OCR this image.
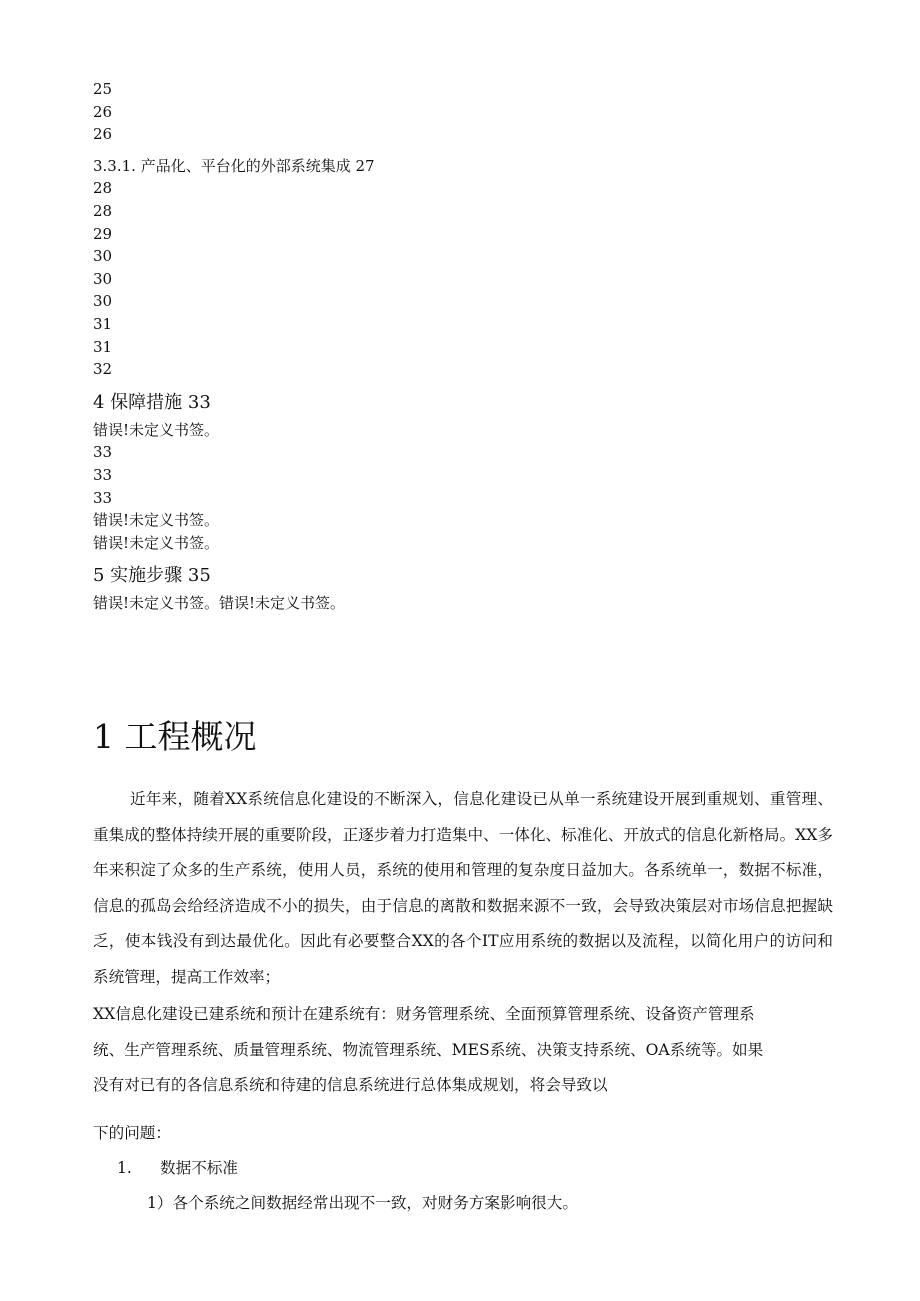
25
26
26
3.3.1. 产品化、平台化的外部系统集成 27
28
28
29
30
30
30
31
31
32
4 保障措施 33
错误!未定义书签。
33
33
33
错误!未定义书签。
错误!未定义书签。
5 实施步骤 35
错误!未定义书签。错误!未定义书签。
1 工程概况
近年来，随着XX系统信息化建设的不断深入，信息化建设已从单一系统建设开展到重规划、重管理、重集成的整体持续开展的重要阶段，正逐步着力打造集中、一体化、标准化、开放式的信息化新格局。XX多年来积淀了众多的生产系统，使用人员，系统的使用和管理的复杂度日益加大。各系统单一，数据不标准，信息的孤岛会给经济造成不小的损失，由于信息的离散和数据来源不一致，会导致决策层对市场信息把握缺乏，使本钱没有到达最优化。因此有必要整合XX的各个IT应用系统的数据以及流程，以简化用户的访问和系统管理，提高工作效率；
XX信息化建设已建系统和预计在建系统有：财务管理系统、全面预算管理系统、设备资产管理系
统、生产管理系统、质量管理系统、物流管理系统、MES系统、决策支持系统、OA系统等。如果
没有对已有的各信息系统和待建的信息系统进行总体集成规划，将会导致以
下的问题：
1. 数据不标准
1）各个系统之间数据经常出现不一致，对财务方案影响很大。
